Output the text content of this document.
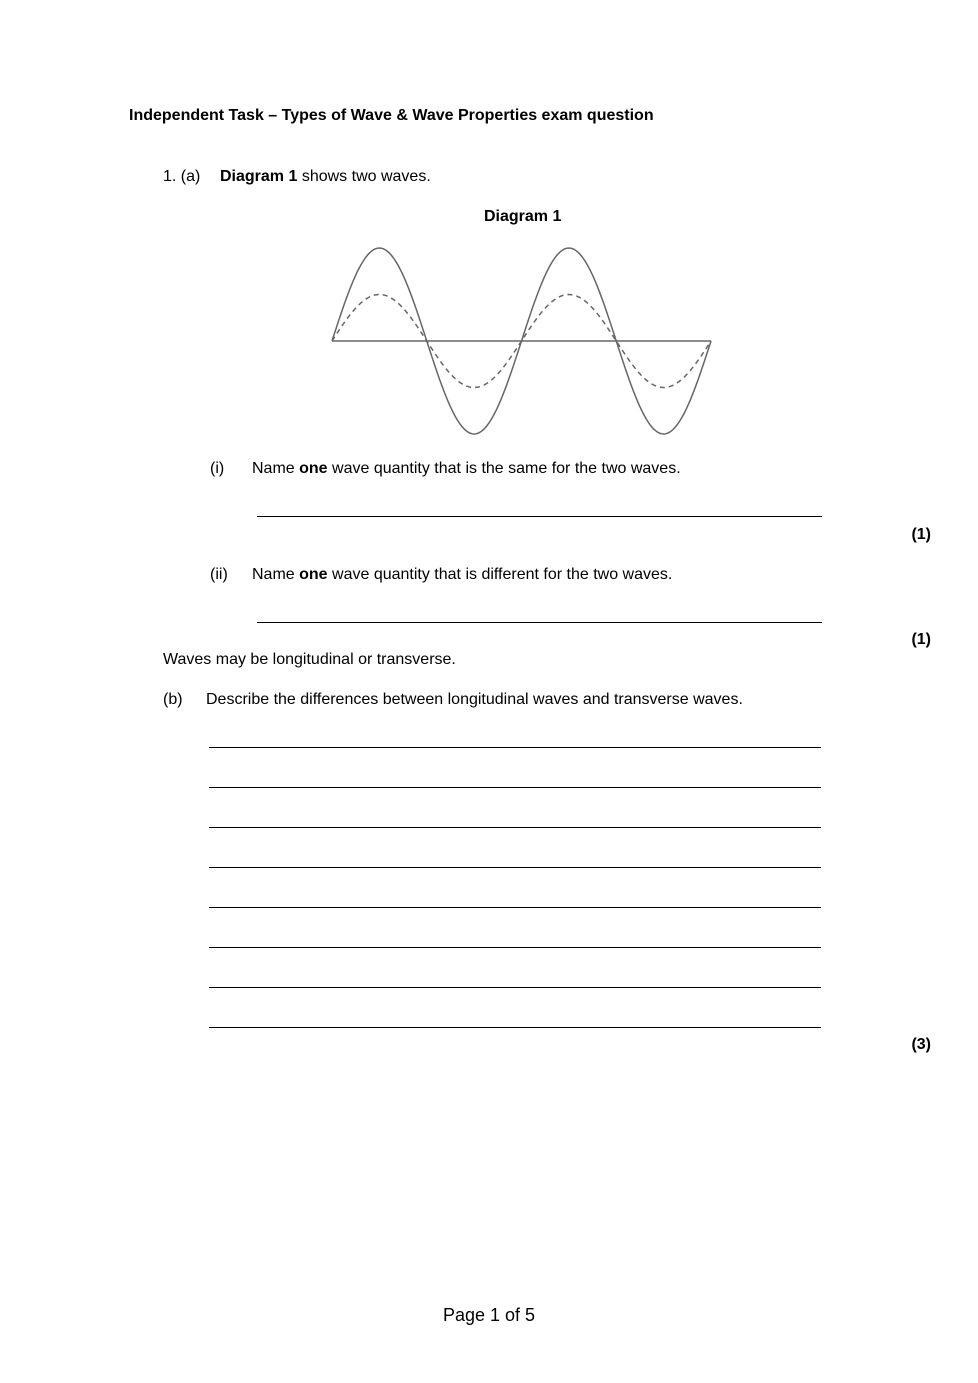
Independent Task – Types of Wave & Wave Properties exam question
1. (a) Diagram 1 shows two waves.
Diagram 1
(i) Name one wave quantity that is the same for the two waves.
(1)
(ii) Name one wave quantity that is different for the two waves.
(1)
Waves may be longitudinal or transverse.
(b) Describe the differences between longitudinal waves and transverse waves.
(3)
Page 1 of 5
